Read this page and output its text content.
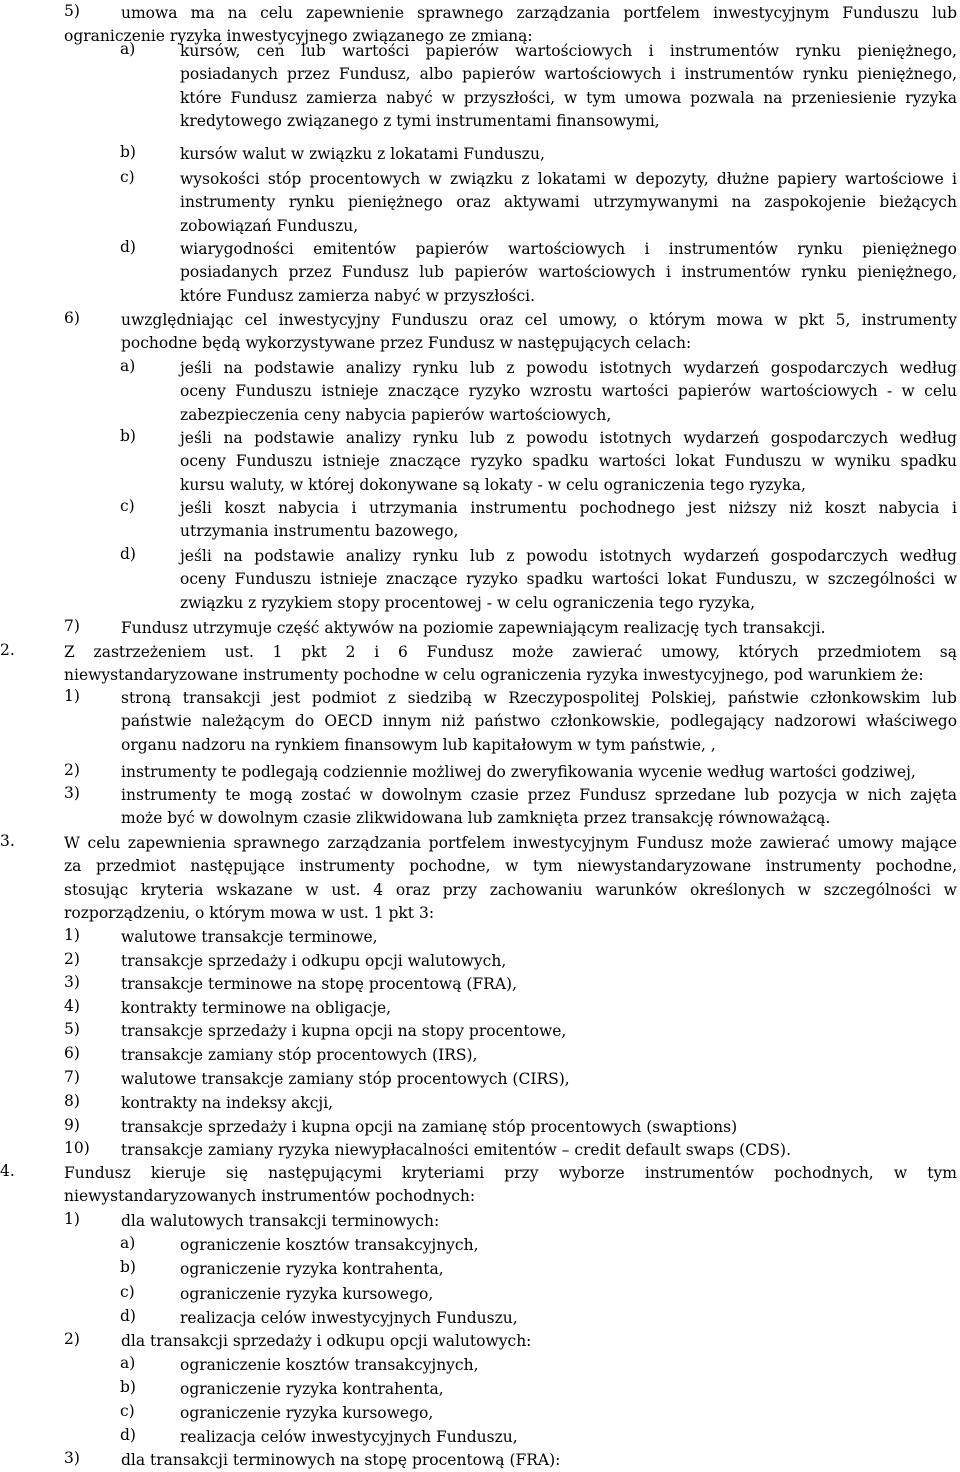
5)	umowa ma na celu zapewnienie sprawnego zarządzania portfelem inwestycyjnym Funduszu lub
ograniczenie ryzyka inwestycyjnego związanego ze zmianą:
a)	kursów, cen lub wartości papierów wartościowych i instrumentów rynku pieniężnego,
posiadanych przez Fundusz, albo papierów wartościowych i instrumentów rynku pieniężnego,
które Fundusz zamierza nabyć w przyszłości, w tym umowa pozwala na przeniesienie ryzyka
kredytowego związanego z tymi instrumentami finansowymi,
b)	kursów walut w związku z lokatami Funduszu,
c)	wysokości stóp procentowych w związku z lokatami w depozyty, dłużne papiery wartościowe i
instrumenty rynku pieniężnego oraz aktywami utrzymywanymi na zaspokojenie bieżących
zobowiązań Funduszu,
d)	wiarygodności emitentów papierów wartościowych i instrumentów rynku pieniężnego
posiadanych przez Fundusz lub papierów wartościowych i instrumentów rynku pieniężnego,
które Fundusz zamierza nabyć w przyszłości.
6)	uwzględniając cel inwestycyjny Funduszu oraz cel umowy, o którym mowa w pkt 5, instrumenty
pochodne będą wykorzystywane przez Fundusz w następujących celach:
a)	jeśli na podstawie analizy rynku lub z powodu istotnych wydarzeń gospodarczych według
oceny Funduszu istnieje znaczące ryzyko wzrostu wartości papierów wartościowych - w celu
zabezpieczenia ceny nabycia papierów wartościowych,
b)	jeśli na podstawie analizy rynku lub z powodu istotnych wydarzeń gospodarczych według
oceny Funduszu istnieje znaczące ryzyko spadku wartości lokat Funduszu w wyniku spadku
kursu waluty, w której dokonywane są lokaty - w celu ograniczenia tego ryzyka,
c)	jeśli koszt nabycia i utrzymania instrumentu pochodnego jest niższy niż koszt nabycia i
utrzymania instrumentu bazowego,
d)	jeśli na podstawie analizy rynku lub z powodu istotnych wydarzeń gospodarczych według
oceny Funduszu istnieje znaczące ryzyko spadku wartości lokat Funduszu, w szczególności w
związku z ryzykiem stopy procentowej - w celu ograniczenia tego ryzyka,
7)	Fundusz utrzymuje część aktywów na poziomie zapewniającym realizację tych transakcji.
2.	Z zastrzeżeniem ust. 1 pkt 2 i 6 Fundusz może zawierać umowy, których przedmiotem są
niewystandaryzowane instrumenty pochodne w celu ograniczenia ryzyka inwestycyjnego, pod warunkiem że:
1)	stroną transakcji jest podmiot z siedzibą w Rzeczypospolitej Polskiej, państwie członkowskim lub
państwie należącym do OECD innym niż państwo członkowskie, podlegający nadzorowi właściwego
organu nadzoru na rynkiem finansowym lub kapitałowym w tym państwie, ,
2)	instrumenty te podlegają codziennie możliwej do zweryfikowania wycenie według wartości godziwej,
3)	instrumenty te mogą zostać w dowolnym czasie przez Fundusz sprzedane lub pozycja w nich zajęta
może być w dowolnym czasie zlikwidowana lub zamknięta przez transakcję równoważącą.
3.	W celu zapewnienia sprawnego zarządzania portfelem inwestycyjnym Fundusz może zawierać umowy mające
za przedmiot następujące instrumenty pochodne, w tym niewystandaryzowane instrumenty pochodne,
stosując kryteria wskazane w ust. 4 oraz przy zachowaniu warunków określonych w szczególności w
rozporządzeniu, o którym mowa w ust. 1 pkt 3:
1)	walutowe transakcje terminowe,
2)	transakcje sprzedaży i odkupu opcji walutowych,
3)	transakcje terminowe na stopę procentową (FRA),
4)	kontrakty terminowe na obligacje,
5)	transakcje sprzedaży i kupna opcji na stopy procentowe,
6)	transakcje zamiany stóp procentowych (IRS),
7)	walutowe transakcje zamiany stóp procentowych (CIRS),
8)	kontrakty na indeksy akcji,
9)	transakcje sprzedaży i kupna opcji na zamianę stóp procentowych (swaptions)
10) transakcje zamiany ryzyka niewypłacalności emitentów – credit default swaps (CDS).
4.	Fundusz kieruje się następującymi kryteriami przy wyborze instrumentów pochodnych, w tym
niewystandaryzowanych instrumentów pochodnych:
1)	dla walutowych transakcji terminowych:
a)	ograniczenie kosztów transakcyjnych,
b)	ograniczenie ryzyka kontrahenta,
c)	ograniczenie ryzyka kursowego,
d)	realizacja celów inwestycyjnych Funduszu,
2)	dla transakcji sprzedaży i odkupu opcji walutowych:
a)	ograniczenie kosztów transakcyjnych,
b)	ograniczenie ryzyka kontrahenta,
c)	ograniczenie ryzyka kursowego,
d)	realizacja celów inwestycyjnych Funduszu,
3)	dla transakcji terminowych na stopę procentową (FRA):
